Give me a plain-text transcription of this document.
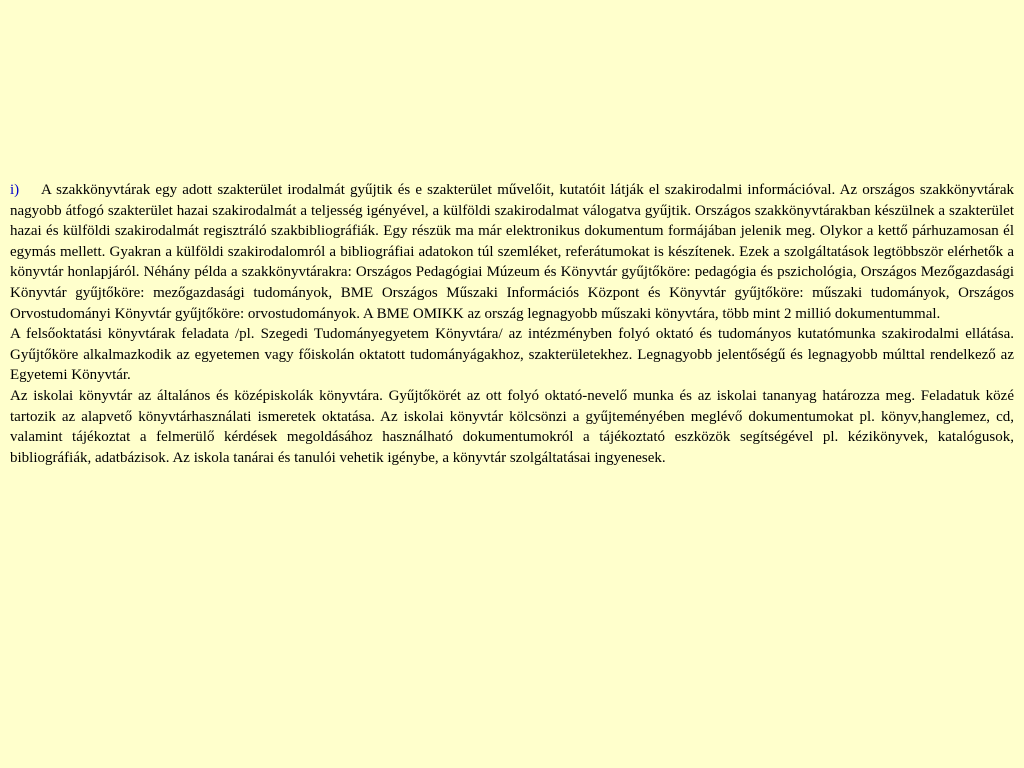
i) A szakkönyvtárak egy adott szakterület irodalmát gyűjtik és e szakterület művelőit, kutatóit látják el szakirodalmi információval. Az országos szakkönyvtárak nagyobb átfogó szakterület hazai szakirodalmát a teljesség igényével, a külföldi szakirodalmat válogatva gyűjtik. Országos szakkönyvtárakban készülnek a szakterület hazai és külföldi szakirodalmát regisztráló szakbibliográfiák. Egy részük ma már elektronikus dokumentum formájában jelenik meg. Olykor a kettő párhuzamosan él egymás mellett. Gyakran a külföldi szakirodalomról a bibliográfiai adatokon túl szemléket, referátumokat is készítenek. Ezek a szolgáltatások legtöbbször elérhetők a könyvtár honlapjáról. Néhány példa a szakkönyvtárakra: Országos Pedagógiai Múzeum és Könyvtár gyűjtőköre: pedagógia és pszichológia, Országos Mezőgazdasági Könyvtár gyűjtőköre: mezőgazdasági tudományok, BME Országos Műszaki Információs Központ és Könyvtár gyűjtőköre: műszaki tudományok, Országos Orvostudományi Könyvtár gyűjtőköre: orvostudományok. A BME OMIKK az ország legnagyobb műszaki könyvtára, több mint 2 millió dokumentummal.

A felsőoktatási könyvtárak feladata /pl. Szegedi Tudományegyetem Könyvtára/ az intézményben folyó oktató és tudományos kutatómunka szakirodalmi ellátása. Gyűjtőköre alkalmazkodik az egyetemen vagy főiskolán oktatott tudományágakhoz, szakterületekhez. Legnagyobb jelentőségű és legnagyobb múlttal rendelkező az Egyetemi Könyvtár.

Az iskolai könyvtár az általános és középiskolák könyvtára. Gyűjtőkörét az ott folyó oktató-nevelő munka és az iskolai tananyag határozza meg. Feladatuk közé tartozik az alapvető könyvtárhasználati ismeretek oktatása. Az iskolai könyvtár kölcsönzi a gyűjteményében meglévő dokumentumokat pl. könyv,hanglemez, cd, valamint tájékoztat a felmerülő kérdések megoldásához használható dokumentumokról a tájékoztató eszközök segítségével pl. kézikönyvek, katalógusok, bibliográfiák, adatbázisok. Az iskola tanárai és tanulói vehetik igénybe, a könyvtár szolgáltatásai ingyenesek.
